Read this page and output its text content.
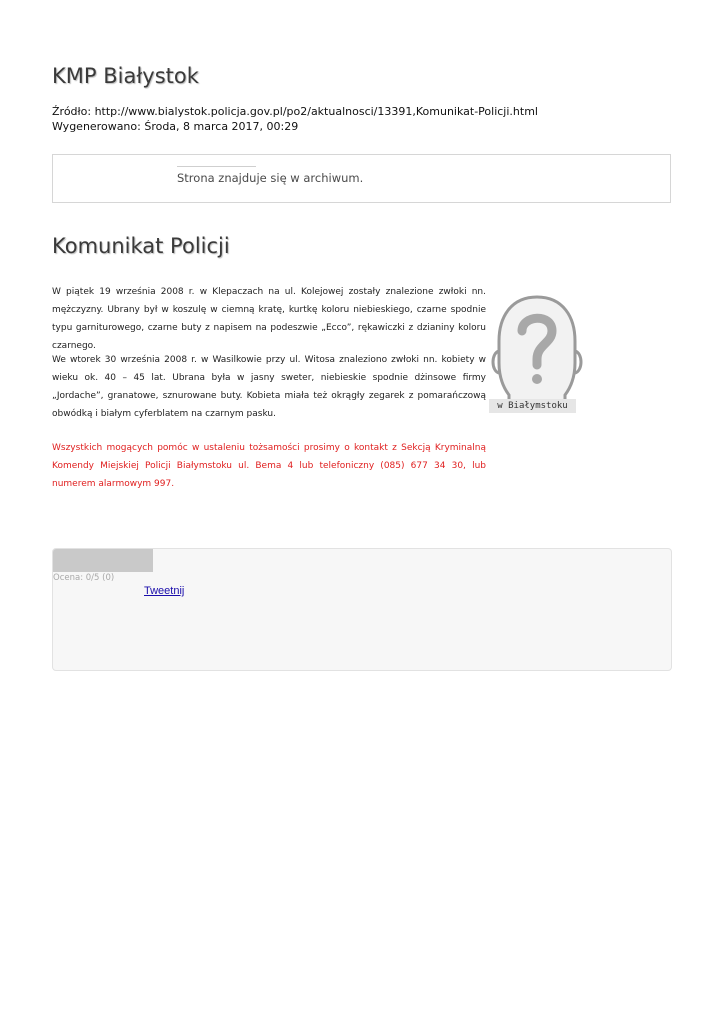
KMP Białystok
Źródło: http://www.bialystok.policja.gov.pl/po2/aktualnosci/13391,Komunikat-Policji.html
Wygenerowano: Środa, 8 marca 2017, 00:29
Strona znajduje się w archiwum.
Komunikat Policji

W piątek 19 września 2008 r. w Klepaczach na ul. Kolejowej zostały znalezione zwłoki nn. mężczyzny. Ubrany był w koszulę w ciemną kratę, kurtkę koloru niebieskiego, czarne spodnie typu garniturowego, czarne buty z napisem na podeszwie „Ecco”, rękawiczki z dzianiny koloru czarnego.

We wtorek 30 września 2008 r. w Wasilkowie przy ul. Witosa znaleziono zwłoki nn. kobiety w wieku ok. 40 – 45 lat. Ubrana była w jasny sweter, niebieskie spodnie dżinsowe firmy „Jordache”, granatowe, sznurowane buty. Kobieta miała też okrągły zegarek z pomarańczową obwódką i białym cyferblatem na czarnym pasku.

Wszystkich mogących pomóc w ustaleniu tożsamości prosimy o kontakt z Sekcją Kryminalną Komendy Miejskiej Policji Białymstoku ul. Bema 4 lub telefoniczny (085) 677 34 30, lub numerem alarmowym 997.

w Białymstoku
Ocena: 0/5 (0)
Tweetnij
